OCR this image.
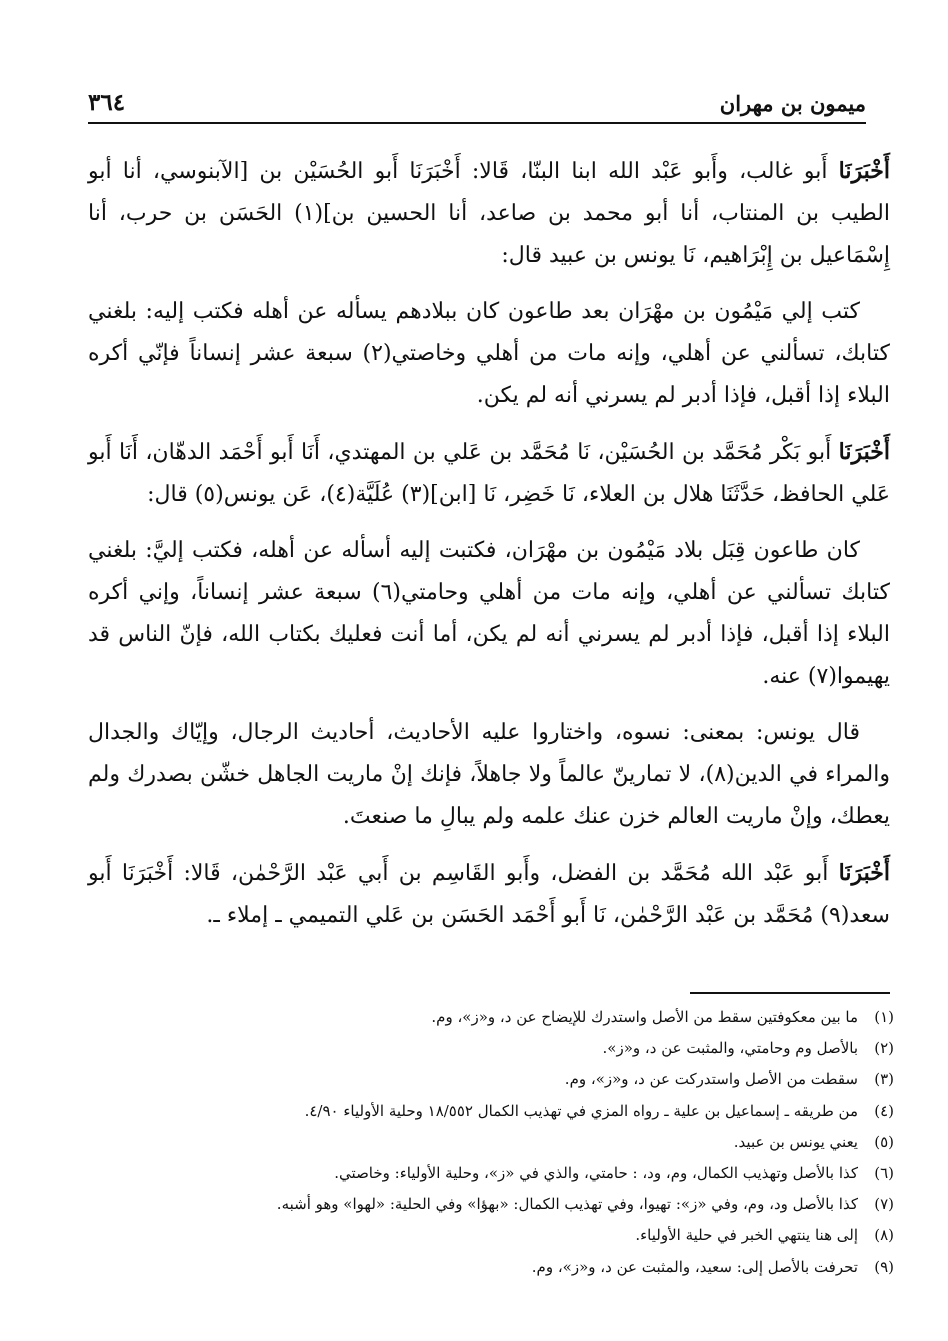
٣٦٤	ميمون بن مهران

أَخْبَرَنَا أَبو غالب، وأَبو عَبْد الله ابنا البنّا، قَالا: أَخْبَرَنَا أَبو الحُسَيْن بن [الآبنوسي، أنا أبو الطيب بن المنتاب، أنا أبو محمد بن صاعد، أنا الحسين بن](١) الحَسَن بن حرب، أنا إِسْمَاعيل بن إِبْرَاهيم، نَا يونس بن عبيد قال:

كتب إلي مَيْمُون بن مهْرَان بعد طاعون كان ببلادهم يسأله عن أهله فكتب إليه: بلغني كتابك، تسألني عن أهلي، وإنه مات من أهلي وخاصتي(٢) سبعة عشر إنساناً فإنّي أكره البلاء إذا أقبل، فإذا أدبر لم يسرني أنه لم يكن.

أَخْبَرَنَا أَبو بَكْر مُحَمَّد بن الحُسَيْن، نَا مُحَمَّد بن عَلي بن المهتدي، أَنَا أَبو أَحْمَد الدهّان، أَنَا أَبو عَلي الحافظ، حَدَّثَنَا هلال بن العلاء، نَا خَضِر، نَا [ابن](٣) عُلَيَّة(٤)، عَن يونس(٥) قال:

كان طاعون قِبَل بلاد مَيْمُون بن مهْرَان، فكتبت إليه أسأله عن أهله، فكتب إليَّ: بلغني كتابك تسألني عن أهلي، وإنه مات من أهلي وحامتي(٦) سبعة عشر إنساناً، وإني أكره البلاء إذا أقبل، فإذا أدبر لم يسرني أنه لم يكن، أما أنت فعليك بكتاب الله، فإنّ الناس قد يهيموا(٧) عنه.

قال يونس: بمعنى: نسوه، واختاروا عليه الأحاديث، أحاديث الرجال، وإيّاك والجدال والمراء في الدين(٨)، لا تمارينّ عالماً ولا جاهلاً، فإنك إنْ ماريت الجاهل خشّن بصدرك ولم يعطك، وإنْ ماريت العالم خزن عنك علمه ولم يبالِ ما صنعتَ.

أَخْبَرَنَا أَبو عَبْد الله مُحَمَّد بن الفضل، وأَبو القَاسِم بن أَبي عَبْد الرَّحْمٰن، قَالا: أَخْبَرَنَا أَبو سعد(٩) مُحَمَّد بن عَبْد الرَّحْمٰن، نَا أَبو أَحْمَد الحَسَن بن عَلي التميمي ـ إملاء ـ.

(١)
ما بين معكوفتين سقط من الأصل واستدرك للإيضاح عن د، و«ز»، وم.
(٢)
بالأصل وم وحامتي، والمثبت عن د، و«ز».
(٣)
سقطت من الأصل واستدركت عن د، و«ز»، وم.
(٤)
من طريقه ـ إسماعيل بن علية ـ رواه المزي في تهذيب الكمال ١٨/٥٥٢ وحلية الأولياء ٤/٩٠.
(٥)
يعني يونس بن عبيد.
(٦)
كذا بالأصل وتهذيب الكمال، وم، ود، : حامتي، والذي في «ز»، وحلية الأولياء: وخاصتي.
(٧)
كذا بالأصل ود، وم، وفي «ز»: تهيوا، وفي تهذيب الكمال: «بهؤا» وفي الحلية: «لهوا» وهو أشبه.
(٨)
إلى هنا ينتهي الخبر في حلية الأولياء.
(٩)
تحرفت بالأصل إلى: سعيد، والمثبت عن د، و«ز»، وم.
